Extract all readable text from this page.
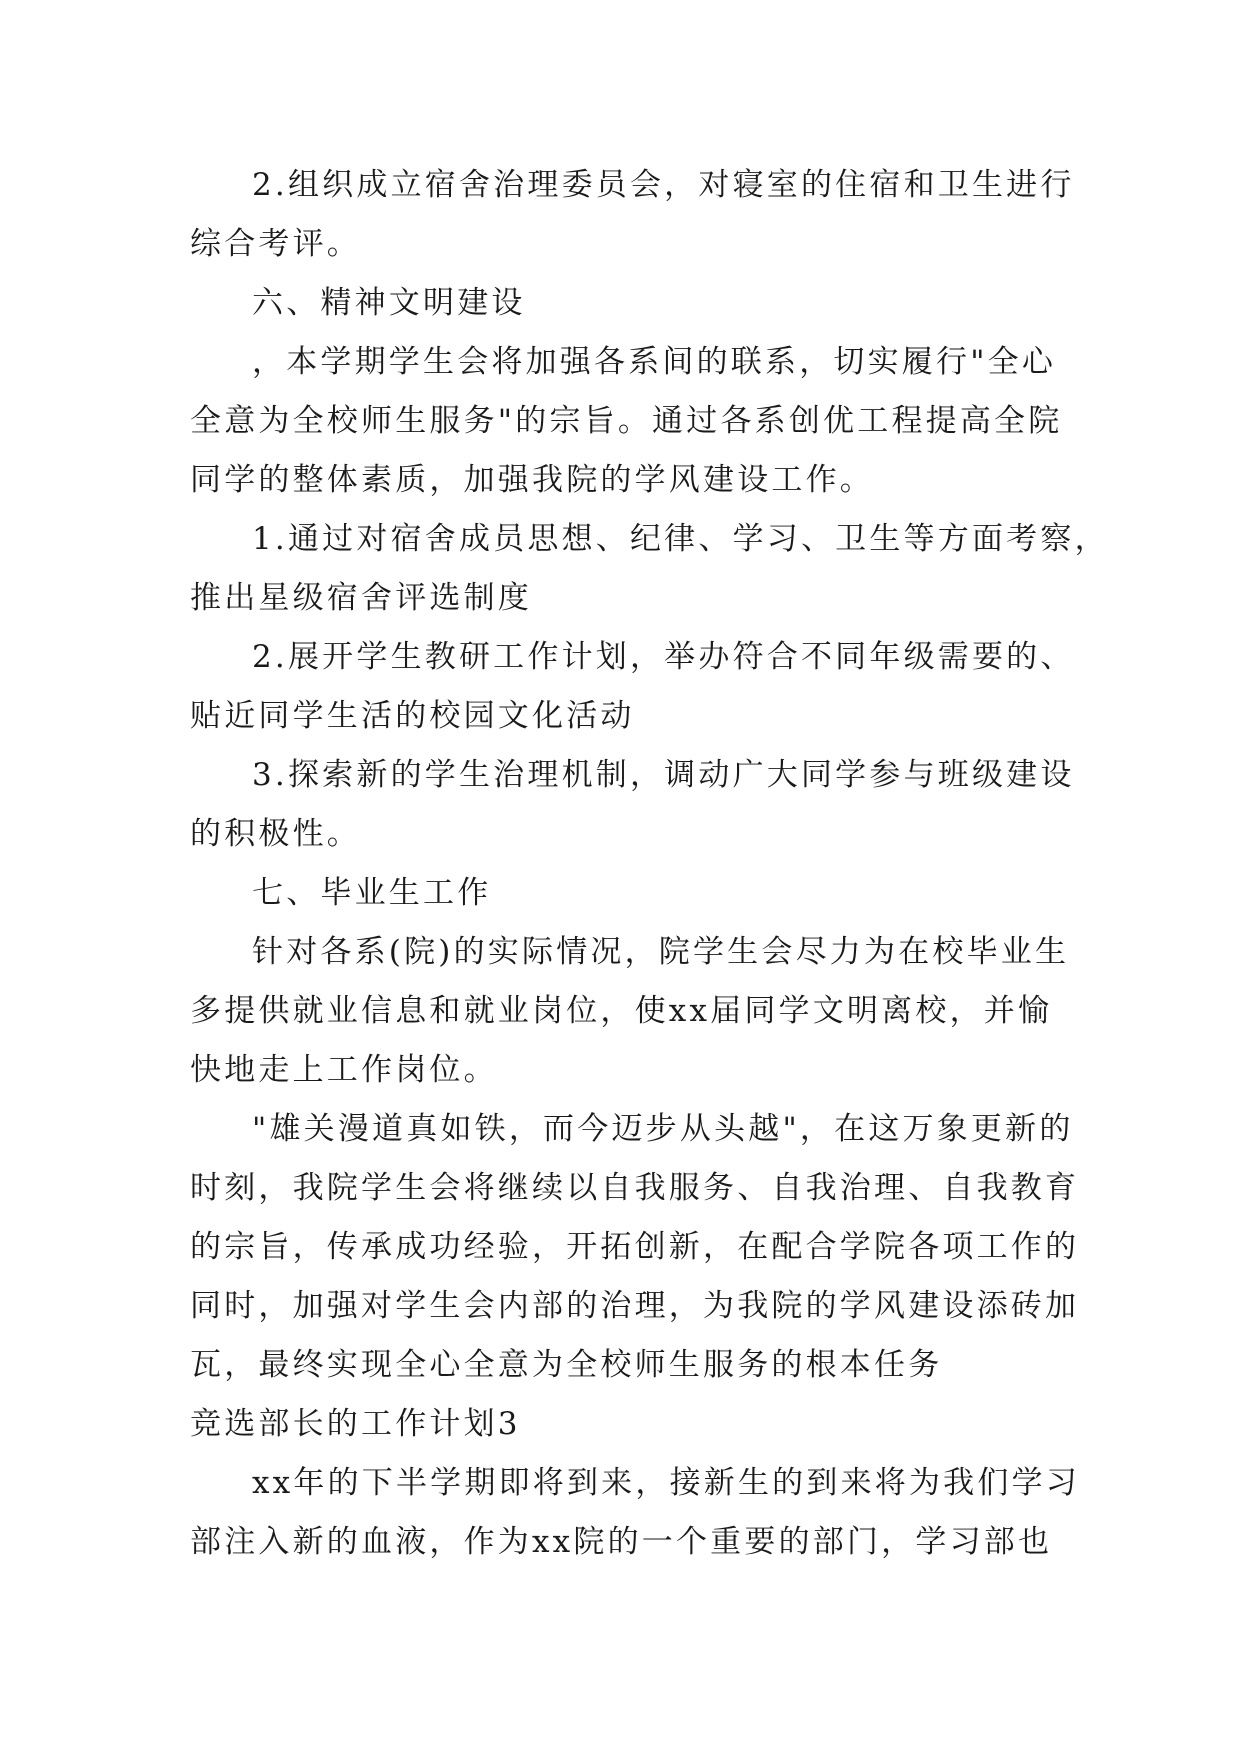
2.组织成立宿舍治理委员会，对寝室的住宿和卫生进行
综合考评。
六、精神文明建设
，本学期学生会将加强各系间的联系，切实履行"全心
全意为全校师生服务"的宗旨。通过各系创优工程提高全院
同学的整体素质，加强我院的学风建设工作。
1.通过对宿舍成员思想、纪律、学习、卫生等方面考察，
推出星级宿舍评选制度
2.展开学生教研工作计划，举办符合不同年级需要的、
贴近同学生活的校园文化活动
3.探索新的学生治理机制，调动广大同学参与班级建设
的积极性。
七、毕业生工作
针对各系(院)的实际情况，院学生会尽力为在校毕业生
多提供就业信息和就业岗位，使xx届同学文明离校，并愉
快地走上工作岗位。
"雄关漫道真如铁，而今迈步从头越"，在这万象更新的
时刻，我院学生会将继续以自我服务、自我治理、自我教育
的宗旨，传承成功经验，开拓创新，在配合学院各项工作的
同时，加强对学生会内部的治理，为我院的学风建设添砖加
瓦，最终实现全心全意为全校师生服务的根本任务
竞选部长的工作计划3
xx年的下半学期即将到来，接新生的到来将为我们学习
部注入新的血液，作为xx院的一个重要的部门，学习部也
